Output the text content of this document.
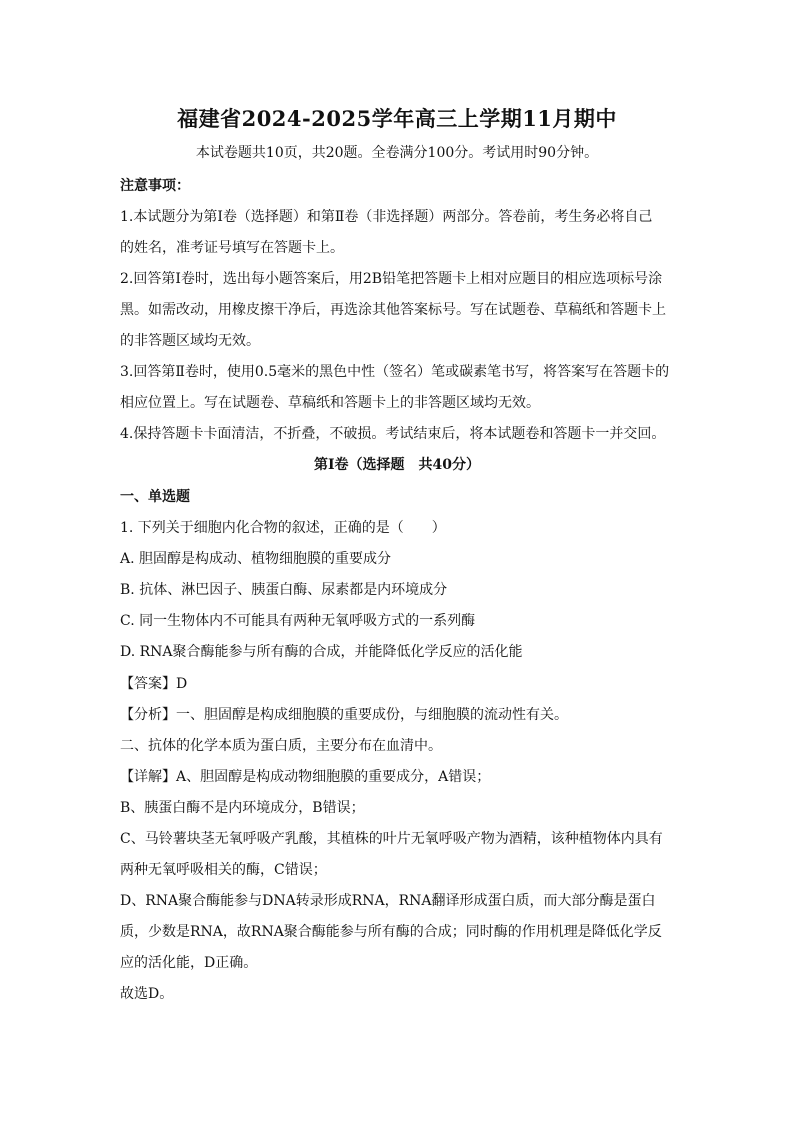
福建省2024-2025学年高三上学期11月期中
本试卷题共10页，共20题。全卷满分100分。考试用时90分钟。
注意事项：
1.本试题分为第Ⅰ卷（选择题）和第Ⅱ卷（非选择题）两部分。答卷前，考生务必将自己
的姓名，准考证号填写在答题卡上。
2.回答第Ⅰ卷时，选出每小题答案后，用2B铅笔把答题卡上相对应题目的相应选项标号涂
黑。如需改动，用橡皮擦干净后，再选涂其他答案标号。写在试题卷、草稿纸和答题卡上
的非答题区域均无效。
3.回答第Ⅱ卷时，使用0.5毫米的黑色中性（签名）笔或碳素笔书写，将答案写在答题卡的
相应位置上。写在试题卷、草稿纸和答题卡上的非答题区域均无效。
4.保持答题卡卡面清洁，不折叠，不破损。考试结束后，将本试题卷和答题卡一并交回。
第Ⅰ卷（选择题　共40分）
一、单选题
1. 下列关于细胞内化合物的叙述，正确的是（　　）
A. 胆固醇是构成动、植物细胞膜的重要成分
B. 抗体、淋巴因子、胰蛋白酶、尿素都是内环境成分
C. 同一生物体内不可能具有两种无氧呼吸方式的一系列酶
D. RNA聚合酶能参与所有酶的合成，并能降低化学反应的活化能
【答案】D
【分析】一、胆固醇是构成细胞膜的重要成份，与细胞膜的流动性有关。
二、抗体的化学本质为蛋白质，主要分布在血清中。
【详解】A、胆固醇是构成动物细胞膜的重要成分，A错误；
B、胰蛋白酶不是内环境成分，B错误；
C、马铃薯块茎无氧呼吸产乳酸，其植株的叶片无氧呼吸产物为酒精，该种植物体内具有
两种无氧呼吸相关的酶，C错误；
D、RNA聚合酶能参与DNA转录形成RNA，RNA翻译形成蛋白质，而大部分酶是蛋白
质，少数是RNA，故RNA聚合酶能参与所有酶的合成；同时酶的作用机理是降低化学反
应的活化能，D正确。
故选D。
